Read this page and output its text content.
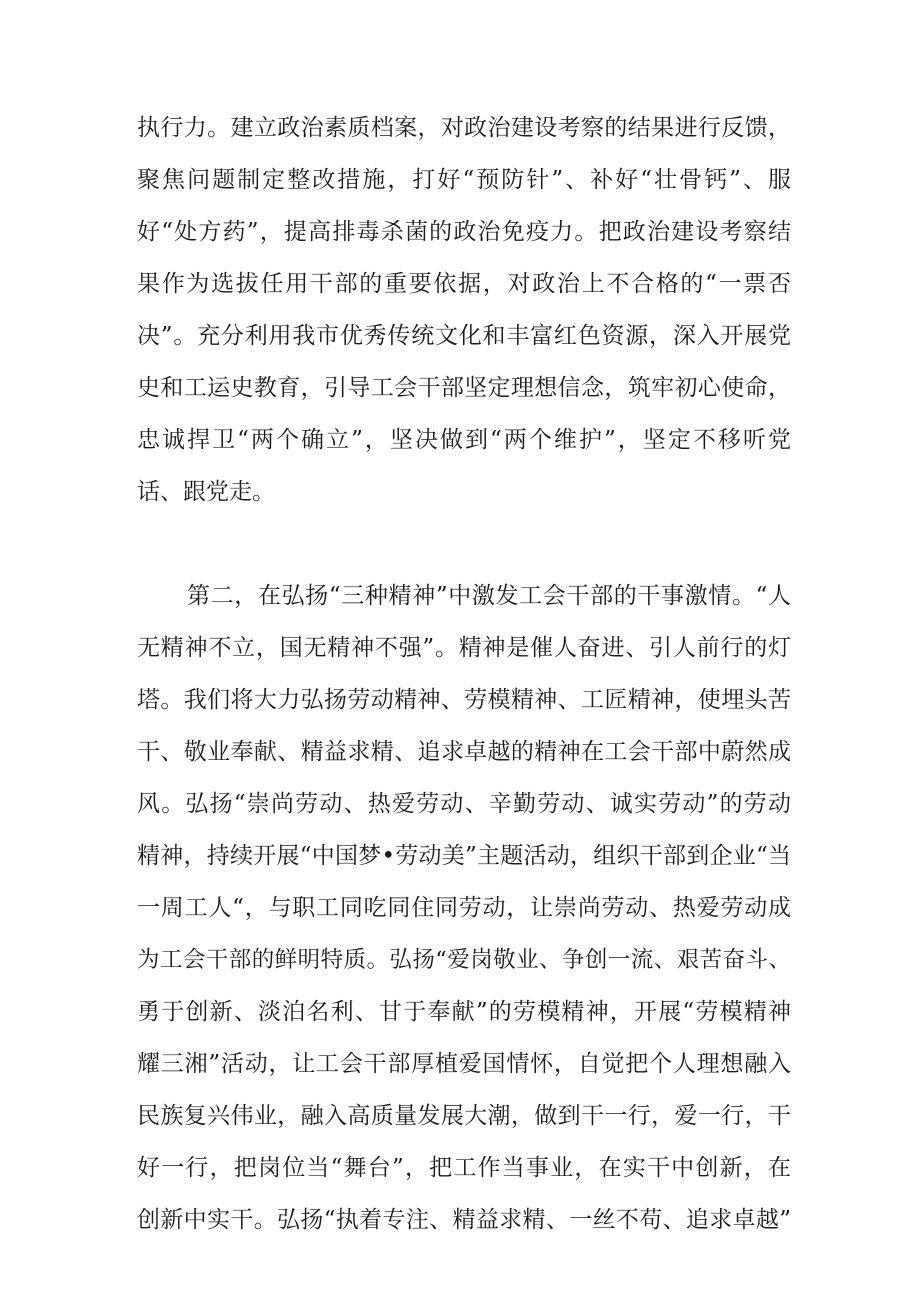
执行力。建立政治素质档案，对政治建设考察的结果进行反馈，
聚焦问题制定整改措施，打好“预防针”、补好“壮骨钙”、服
好“处方药”，提高排毒杀菌的政治免疫力。把政治建设考察结
果作为选拔任用干部的重要依据，对政治上不合格的“一票否
决”。充分利用我市优秀传统文化和丰富红色资源，深入开展党
史和工运史教育，引导工会干部坚定理想信念，筑牢初心使命，
忠诚捍卫“两个确立”，坚决做到“两个维护”，坚定不移听党
话、跟党走。
第二，在弘扬“三种精神”中激发工会干部的干事激情。“人
无精神不立，国无精神不强”。精神是催人奋进、引人前行的灯
塔。我们将大力弘扬劳动精神、劳模精神、工匠精神，使埋头苦
干、敬业奉献、精益求精、追求卓越的精神在工会干部中蔚然成
风。弘扬“崇尚劳动、热爱劳动、辛勤劳动、诚实劳动”的劳动
精神，持续开展“中国梦•劳动美”主题活动，组织干部到企业“当
一周工人“，与职工同吃同住同劳动，让崇尚劳动、热爱劳动成
为工会干部的鲜明特质。弘扬“爱岗敬业、争创一流、艰苦奋斗、
勇于创新、淡泊名利、甘于奉献”的劳模精神，开展“劳模精神
耀三湘”活动，让工会干部厚植爱国情怀，自觉把个人理想融入
民族复兴伟业，融入高质量发展大潮，做到干一行，爱一行，干
好一行，把岗位当“舞台”，把工作当事业，在实干中创新，在
创新中实干。弘扬“执着专注、精益求精、一丝不苟、追求卓越”
